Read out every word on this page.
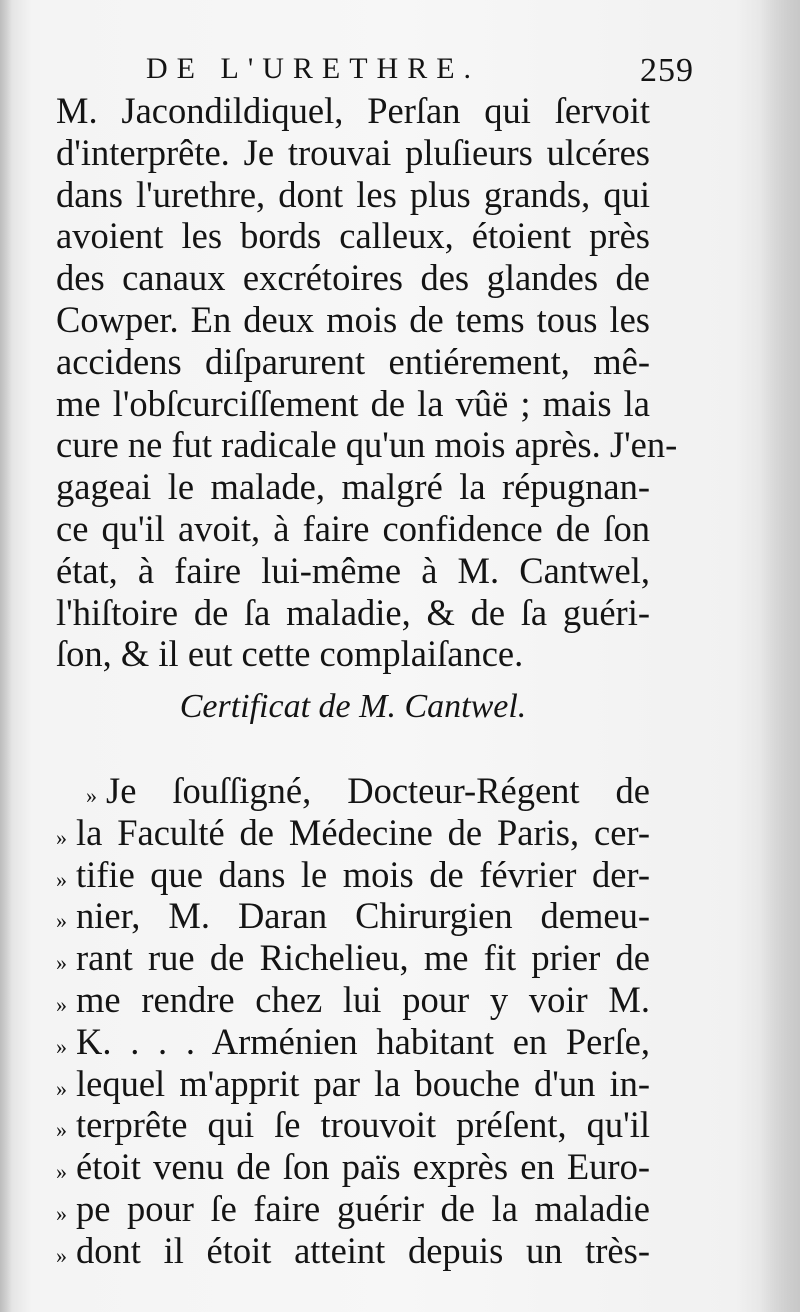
DE L'URETHRE.	259
M. Jacondildiquel, Perſan qui ſervoit
d'interprête. Je trouvai pluſieurs ulcéres
dans l'urethre, dont les plus grands, qui
avoient les bords calleux, étoient près
des canaux excrétoires des glandes de
Cowper. En deux mois de tems tous les
accidens diſparurent entiérement, mê-
me l'obſcurciſſement de la vûë ; mais la
cure ne fut radicale qu'un mois après. J'en-
gageai le malade, malgré la répugnan-
ce qu'il avoit, à faire confidence de ſon
état, à faire lui-même à M. Cantwel,
l'hiſtoire de ſa maladie, & de ſa guéri-
ſon, & il eut cette complaiſance.
Certificat de M. Cantwel.
» Je ſouſſigné, Docteur-Régent de
» la Faculté de Médecine de Paris, cer-
» tifie que dans le mois de février der-
» nier, M. Daran Chirurgien demeu-
» rant rue de Richelieu, me fit prier de
» me rendre chez lui pour y voir M.
» K. . . . Arménien habitant en Perſe,
» lequel m'apprit par la bouche d'un in-
» terprête qui ſe trouvoit préſent, qu'il
» étoit venu de ſon païs exprès en Euro-
» pe pour ſe faire guérir de la maladie
» dont il étoit atteint depuis un très-
